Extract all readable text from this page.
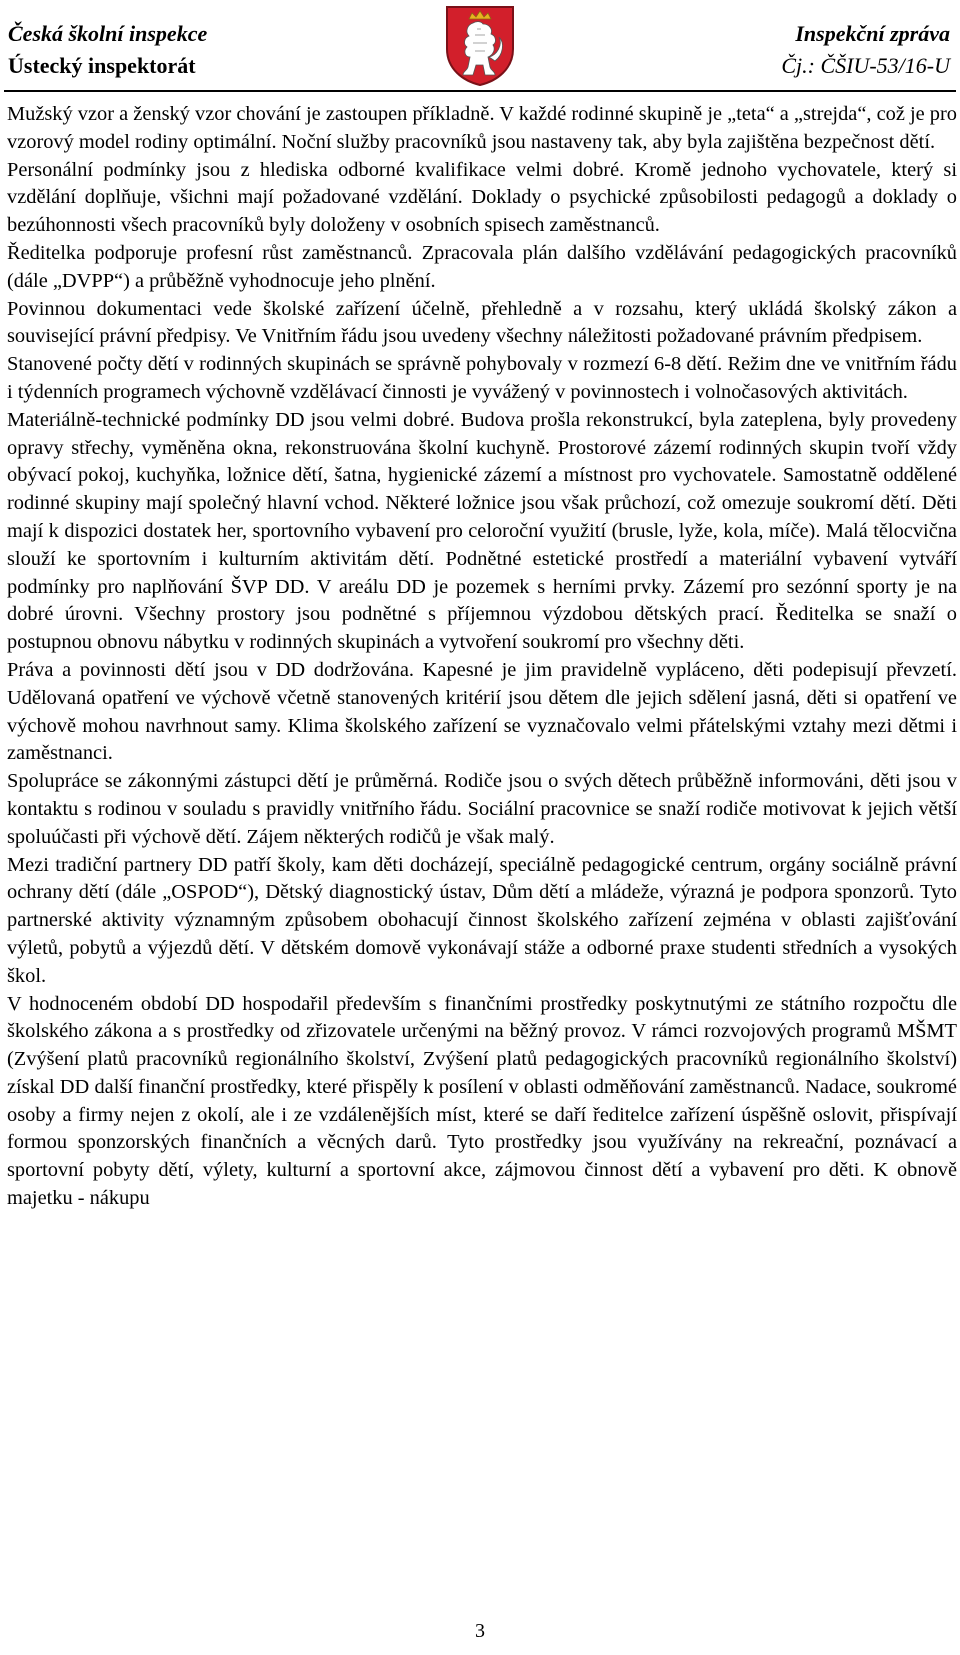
Česká školní inspekce
Ústecký inspektorát
Inspekční zpráva
Čj.: ČŠIU-53/16-U

Mužský vzor a ženský vzor chování je zastoupen příkladně. V každé rodinné skupině je „teta“ a „strejda“, což je pro vzorový model rodiny optimální. Noční služby pracovníků jsou nastaveny tak, aby byla zajištěna bezpečnost dětí.

Personální podmínky jsou z hlediska odborné kvalifikace velmi dobré. Kromě jednoho vychovatele, který si vzdělání doplňuje, všichni mají požadované vzdělání. Doklady o psychické způsobilosti pedagogů a doklady o bezúhonnosti všech pracovníků byly doloženy v osobních spisech zaměstnanců.

Ředitelka podporuje profesní růst zaměstnanců. Zpracovala plán dalšího vzdělávání pedagogických pracovníků (dále „DVPP“) a průběžně vyhodnocuje jeho plnění.

Povinnou dokumentaci vede školské zařízení účelně, přehledně a v rozsahu, který ukládá školský zákon a související právní předpisy. Ve Vnitřním řádu jsou uvedeny všechny náležitosti požadované právním předpisem.

Stanovené počty dětí v rodinných skupinách se správně pohybovaly v rozmezí 6-8 dětí. Režim dne ve vnitřním řádu i týdenních programech výchovně vzdělávací činnosti je vyvážený v povinnostech i volnočasových aktivitách.

Materiálně-technické podmínky DD jsou velmi dobré. Budova prošla rekonstrukcí, byla zateplena, byly provedeny opravy střechy, vyměněna okna, rekonstruována školní kuchyně. Prostorové zázemí rodinných skupin tvoří vždy obývací pokoj, kuchyňka, ložnice dětí, šatna, hygienické zázemí a místnost pro vychovatele. Samostatně oddělené rodinné skupiny mají společný hlavní vchod. Některé ložnice jsou však průchozí, což omezuje soukromí dětí. Děti mají k dispozici dostatek her, sportovního vybavení pro celoroční využití (brusle, lyže, kola, míče). Malá tělocvična slouží ke sportovním i kulturním aktivitám dětí. Podnětné estetické prostředí a materiální vybavení vytváří podmínky pro naplňování ŠVP DD. V areálu DD je pozemek s herními prvky. Zázemí pro sezónní sporty je na dobré úrovni. Všechny prostory jsou podnětné s příjemnou výzdobou dětských prací. Ředitelka se snaží o postupnou obnovu nábytku v rodinných skupinách a vytvoření soukromí pro všechny děti.

Práva a povinnosti dětí jsou v DD dodržována. Kapesné je jim pravidelně vypláceno, děti podepisují převzetí. Udělovaná opatření ve výchově včetně stanovených kritérií jsou dětem dle jejich sdělení jasná, děti si opatření ve výchově mohou navrhnout samy. Klima školského zařízení se vyznačovalo velmi přátelskými vztahy mezi dětmi i zaměstnanci.

Spolupráce se zákonnými zástupci dětí je průměrná. Rodiče jsou o svých dětech průběžně informováni, děti jsou v kontaktu s rodinou v souladu s pravidly vnitřního řádu. Sociální pracovnice se snaží rodiče motivovat k jejich větší spoluúčasti při výchově dětí. Zájem některých rodičů je však malý.

Mezi tradiční partnery DD patří školy, kam děti docházejí, speciálně pedagogické centrum, orgány sociálně právní ochrany dětí (dále „OSPOD“), Dětský diagnostický ústav, Dům dětí a mládeže, výrazná je podpora sponzorů. Tyto partnerské aktivity významným způsobem obohacují činnost školského zařízení zejména v oblasti zajišťování výletů, pobytů a výjezdů dětí. V dětském domově vykonávají stáže a odborné praxe studenti středních a vysokých škol.

V hodnoceném období DD hospodařil především s finančními prostředky poskytnutými ze státního rozpočtu dle školského zákona a s prostředky od zřizovatele určenými na běžný provoz. V rámci rozvojových programů MŠMT (Zvýšení platů pracovníků regionálního školství, Zvýšení platů pedagogických pracovníků regionálního školství) získal DD další finanční prostředky, které přispěly k posílení v oblasti odměňování zaměstnanců. Nadace, soukromé osoby a firmy nejen z okolí, ale i ze vzdálenějších míst, které se daří ředitelce zařízení úspěšně oslovit, přispívají formou sponzorských finančních a věcných darů. Tyto prostředky jsou využívány na rekreační, poznávací a sportovní pobyty dětí, výlety, kulturní a sportovní akce, zájmovou činnost dětí a vybavení pro děti. K obnově majetku - nákupu

3
